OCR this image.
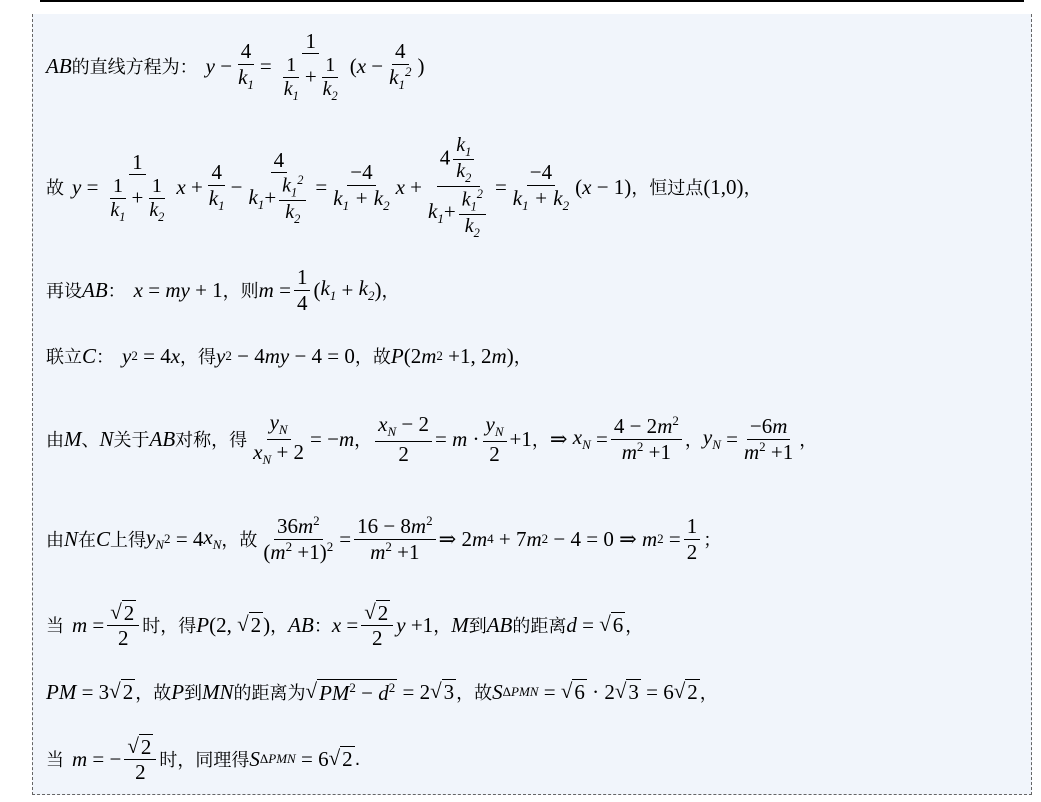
AB 的直线方程为： $y - \frac{4}{k_1} = \frac{1}{\frac{1}{k_1} + \frac{1}{k_2}}$ ( $x - \frac{4}{k_1^2}$ )
故 $y = \frac{1}{\frac{1}{k_1} + \frac{1}{k_2}}$ $x + \frac{4}{k_1} - \frac{4}{k_1+ \frac{k_1^2}{k_2}} = \frac{-4}{k_1 + k_2}$ $x + \frac{4 \frac{k_1}{k_2}}{k_1+ \frac{k_1^2}{k_2}} = \frac{-4}{k_1 + k_2}$ ( x − 1) ，恒过点 (1,0) ，
再设 AB ： x = my + 1 ，则 $m = \frac{1}{4}$ ( $k_1 + k_2$ ) ，
联立 C ： y 2 = 4 x ，得 y 2 − 4 my − 4 = 0 ，故 P (2 m 2 +1, 2 m ) ，
由 M 、 N 关于 AB 对称，得 $\frac{y_N}{x_N + 2}$ = − m ， $\frac{x_N - 2}{2} = m \cdot \frac{y_N}{2} +1$ ， ⇒ $x_N = \frac{4 - 2m^2}{m^2 +1}$ ， $y_N = \frac{-6m}{m^2 +1}$ ，
由 N 在 C 上得 $y_N$ 2 = 4 $x_N$ ，故 $\frac{36m^2}{(m^2 +1)^2} = \frac{16 - 8m^2}{m^2 +1}$ ⇒ 2 m 4 + 7 m 2 − 4 = 0 ⇒ m $2 = \frac{1}{2}$ ；
当 $m = \frac{√ 2}{2}$ 时，得 P (2, √ 2 ) ， AB ： $x = \frac{√ 2}{2}$ y +1 ， M 到 AB 的距离 d = √ 6 ，
PM = 3 √ 2 ，故 P 到 MN 的距离为 √ $PM^2 - d^2 = 2$ √ 3 ，故 S ΔPMN = √ 6 · 2 √ 3 = 6 √ 2 ，
当 m = − $\frac{√ 2}{2}$ 时，同理得 S ΔPMN = 6 √ 2 .
